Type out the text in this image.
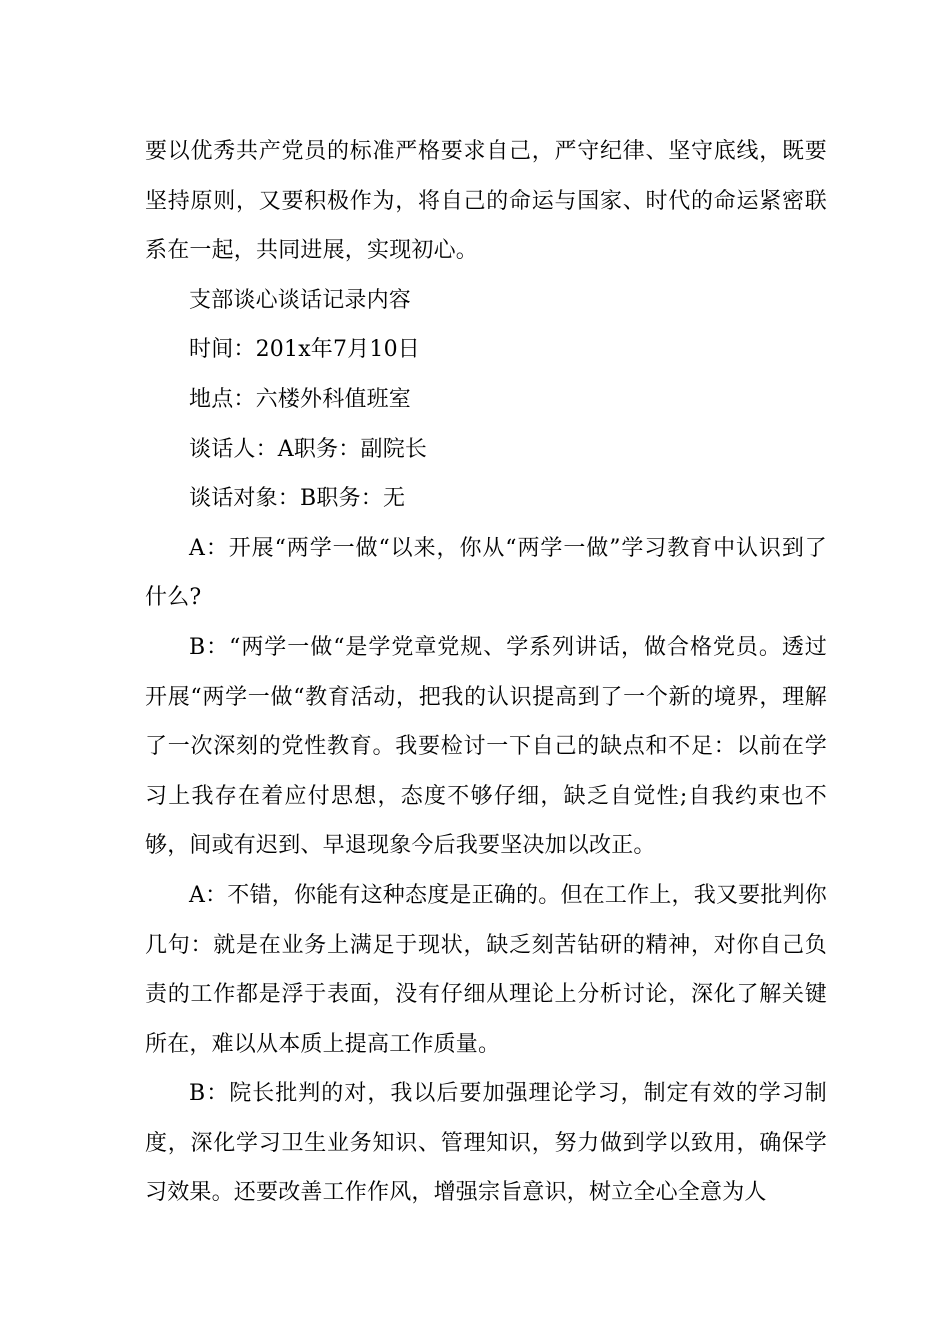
要以优秀共产党员的标准严格要求自己，严守纪律、坚守底线，既要坚持原则，又要积极作为，将自己的命运与国家、时代的命运紧密联系在一起，共同进展，实现初心。

支部谈心谈话记录内容

时间：201x年7月10日

地点：六楼外科值班室

谈话人：A职务：副院长

谈话对象：B职务：无

A：开展“两学一做“以来，你从“两学一做”学习教育中认识到了什么?

B：“两学一做“是学党章党规、学系列讲话，做合格党员。透过开展“两学一做“教育活动，把我的认识提高到了一个新的境界，理解了一次深刻的党性教育。我要检讨一下自己的缺点和不足：以前在学习上我存在着应付思想，态度不够仔细，缺乏自觉性;自我约束也不够，间或有迟到、早退现象今后我要坚决加以改正。

A：不错，你能有这种态度是正确的。但在工作上，我又要批判你几句：就是在业务上满足于现状，缺乏刻苦钻研的精神，对你自己负责的工作都是浮于表面，没有仔细从理论上分析讨论，深化了解关键所在，难以从本质上提高工作质量。

B：院长批判的对，我以后要加强理论学习，制定有效的学习制度，深化学习卫生业务知识、管理知识，努力做到学以致用，确保学习效果。还要改善工作作风，增强宗旨意识，树立全心全意为人
